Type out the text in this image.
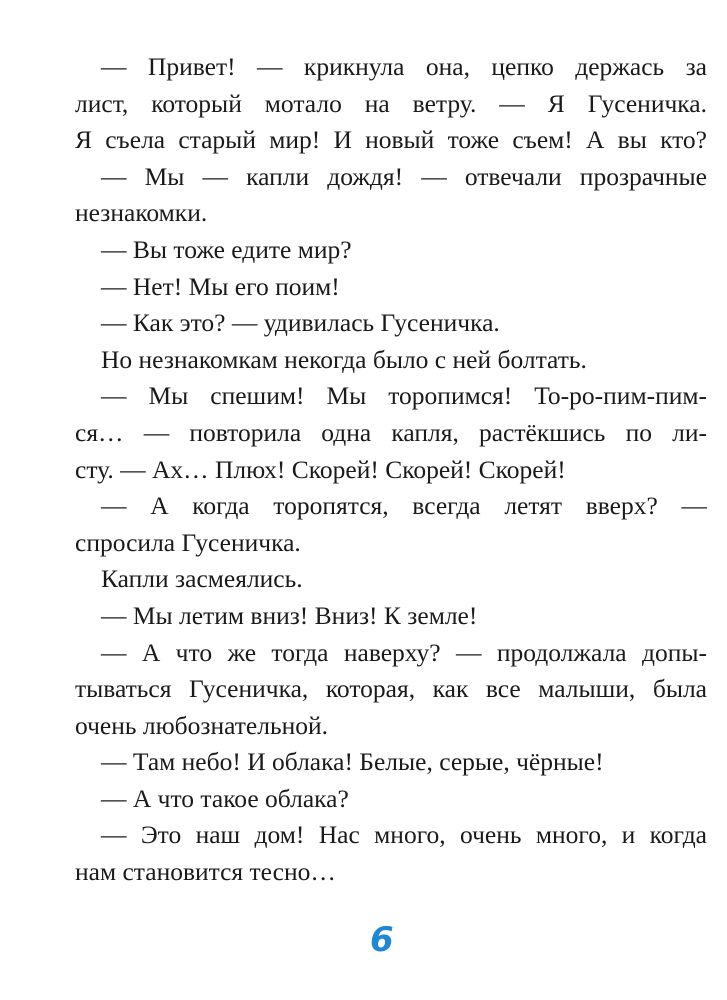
— Привет! — крикнула она, цепко держась за
лист, который мотало на ветру. — Я Гусеничка.
Я съела старый мир! И новый тоже съем! А вы кто?
— Мы — капли дождя! — отвечали прозрачные
незнакомки.
— Вы тоже едите мир?
— Нет! Мы его поим!
— Как это? — удивилась Гусеничка.
Но незнакомкам некогда было с ней болтать.
— Мы спешим! Мы торопимся! То-ро-пим-пим-
ся… — повторила одна капля, растёкшись по ли-
сту. — Ах… Плюх! Скорей! Скорей! Скорей!
— А когда торопятся, всегда летят вверх? —
спросила Гусеничка.
Капли засмеялись.
— Мы летим вниз! Вниз! К земле!
— А что же тогда наверху? — продолжала допы-
тываться Гусеничка, которая, как все малыши, была
очень любознательной.
— Там небо! И облака! Белые, серые, чёрные!
— А что такое облака?
— Это наш дом! Нас много, очень много, и когда
нам становится тесно…
6
